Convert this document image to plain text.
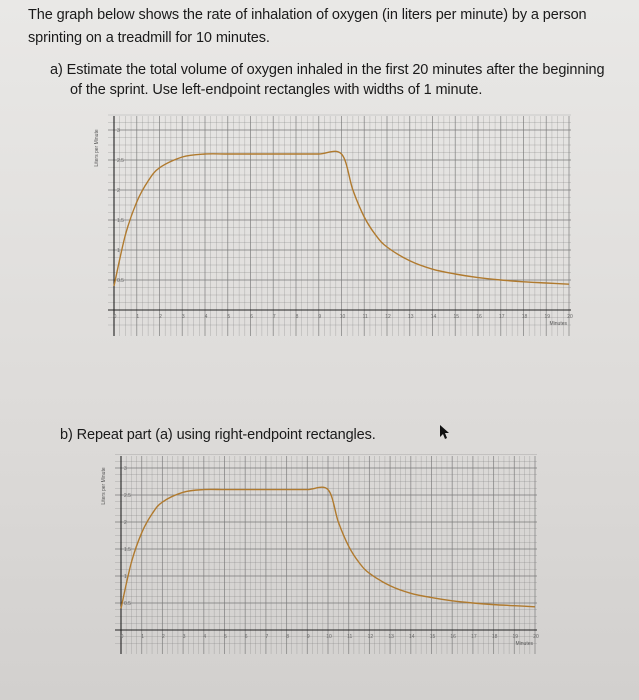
The graph below shows the rate of inhalation of oxygen (in liters per minute) by a person
sprinting on a treadmill for 10 minutes.
a) Estimate the total volume of oxygen inhaled in the first 20 minutes after the beginning
of the sprint. Use left-endpoint rectangles with widths of 1 minute.
Liters per Minute
0.5
1
1.5
2
2.5
3
0	1	2	3	4	5	6	7	8	9	10	11	12	13	14	15	16	17	18	19	20
Minutes
b) Repeat part (a) using right-endpoint rectangles.
Liters per Minute
0.5
1
1.5
2
2.5
3
0	1	2	3	4	5	6	7	8	9	10	11	12	13	14	15	16	17	18	19	20
Minutes
